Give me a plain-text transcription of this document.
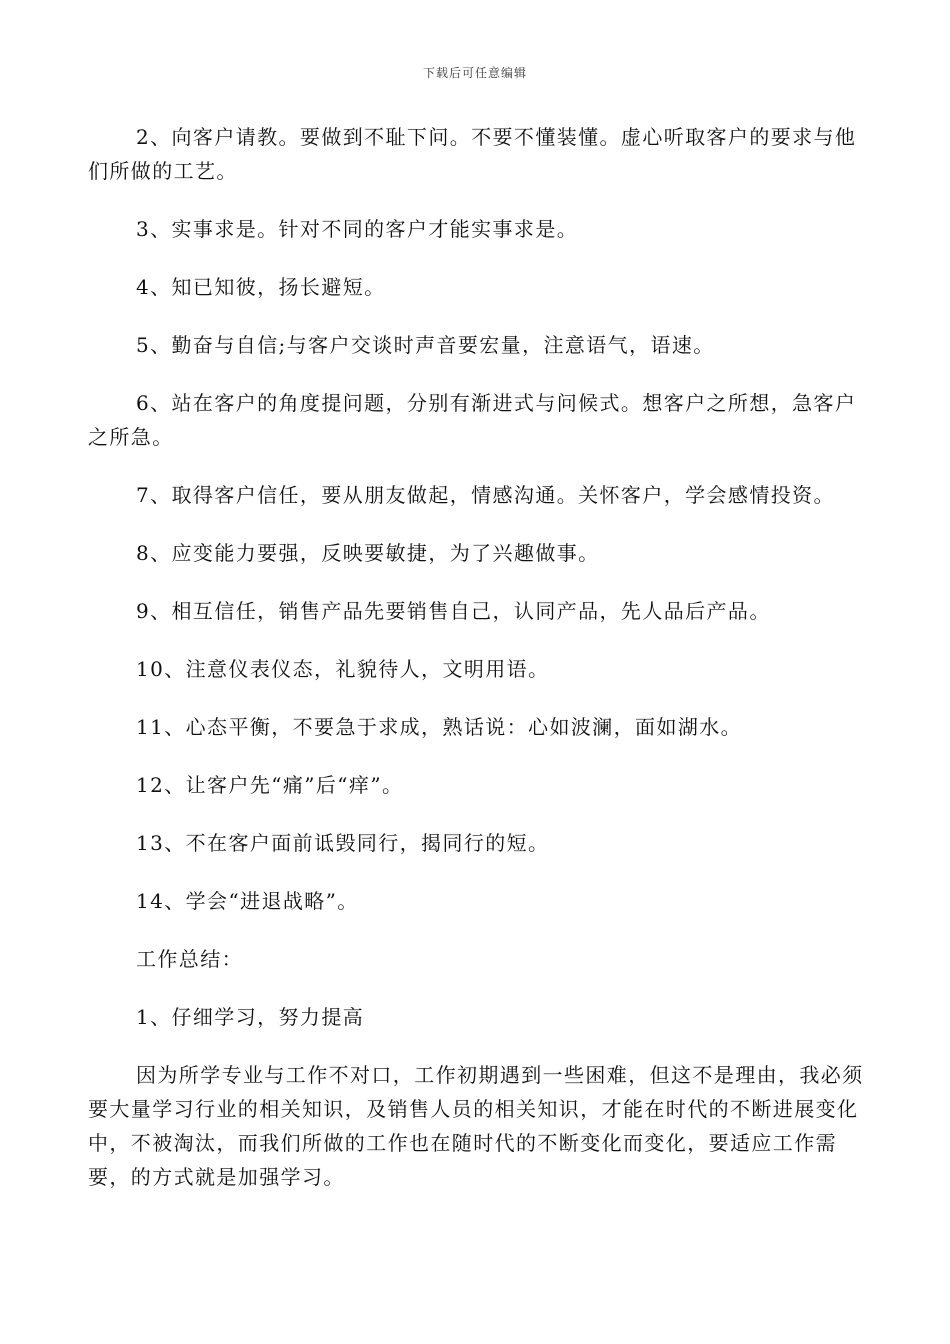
下载后可任意编辑

2、向客户请教。要做到不耻下问。不要不懂装懂。虚心听取客户的要求与他们所做的工艺。

3、实事求是。针对不同的客户才能实事求是。

4、知已知彼，扬长避短。

5、勤奋与自信;与客户交谈时声音要宏量，注意语气，语速。

6、站在客户的角度提问题，分别有渐进式与问候式。想客户之所想，急客户之所急。

7、取得客户信任，要从朋友做起，情感沟通。关怀客户，学会感情投资。

8、应变能力要强，反映要敏捷，为了兴趣做事。

9、相互信任，销售产品先要销售自己，认同产品，先人品后产品。

10、注意仪表仪态，礼貌待人，文明用语。

11、心态平衡，不要急于求成，熟话说：心如波澜，面如湖水。

12、让客户先“痛”后“痒”。

13、不在客户面前诋毁同行，揭同行的短。

14、学会“进退战略”。

工作总结：

1、仔细学习，努力提高

因为所学专业与工作不对口，工作初期遇到一些困难，但这不是理由，我必须要大量学习行业的相关知识，及销售人员的相关知识，才能在时代的不断进展变化中，不被淘汰，而我们所做的工作也在随时代的不断变化而变化，要适应工作需要，的方式就是加强学习。
